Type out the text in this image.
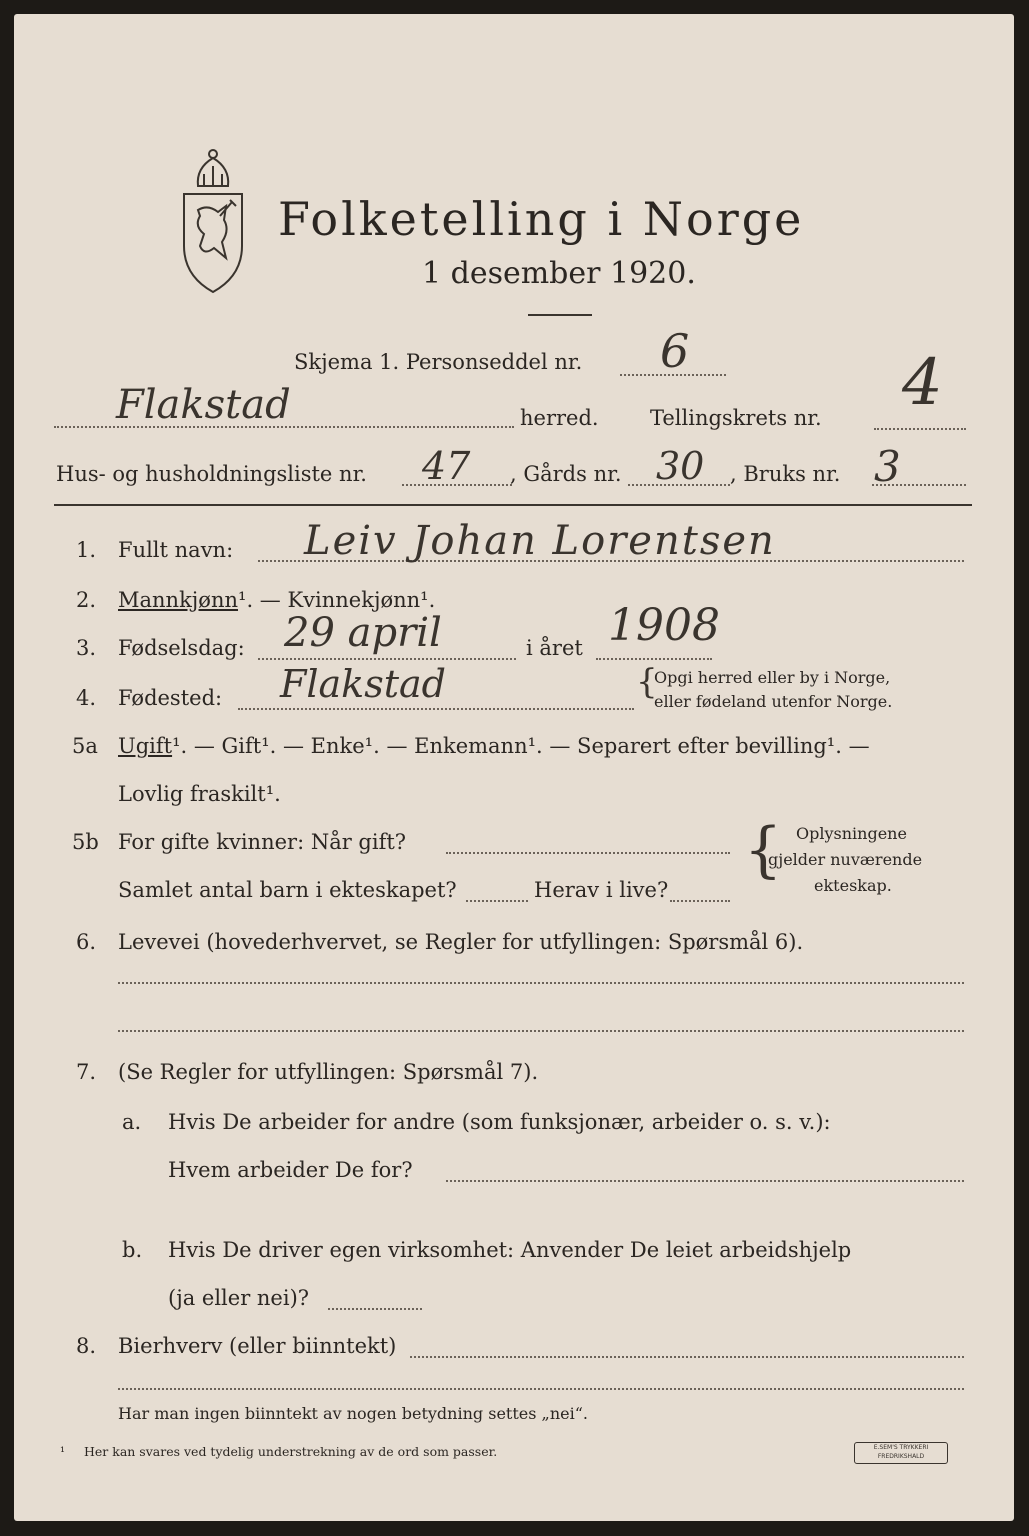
Folketelling i Norge
1 desember 1920.
Skjema 1. Personseddel nr. 6
Flakstad	herred. Tellingskrets nr. 4
Hus- og husholdningsliste nr. 47 , Gårds nr. 30 , Bruks nr. 3
1. Fullt navn: Leiv Johan Lorentsen
2. Mannkjønn¹. — Kvinnekjønn¹.
3. Fødselsdag: 29 april	i året 1908
4. Fødested: Flakstad	{
Opgi herred eller by i Norge,
eller fødeland utenfor Norge.
5a Ugift¹. — Gift¹. — Enke¹. — Enkemann¹. — Separert efter bevilling¹. —
Lovlig fraskilt¹.
5b For gifte kvinner: Når gift?
Samlet antal barn i ekteskapet?	Herav i live?
{ Oplysningene
gjelder nuværende
ekteskap.
6. Levevei (hovederhvervet, se Regler for utfyllingen: Spørsmål 6).
7. (Se Regler for utfyllingen: Spørsmål 7).
a. Hvis De arbeider for andre (som funksjonær, arbeider o. s. v.):
Hvem arbeider De for?
b. Hvis De driver egen virksomhet: Anvender De leiet arbeidshjelp
(ja eller nei)?
8. Bierhverv (eller biinntekt)
Har man ingen biinntekt av nogen betydning settes „nei“.
¹ Her kan svares ved tydelig understrekning av de ord som passer.	E.SEM'S TRYKKERI
FREDRIKSHALD
